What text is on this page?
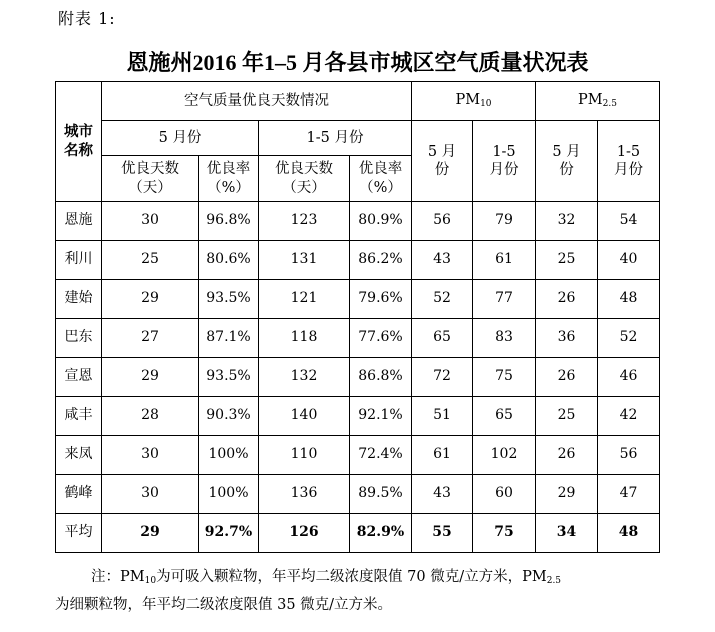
附表 1:
恩施州2016 年1–5 月各县市城区空气质量状况表
城市名称	空气质量优良天数情况				$PM_{10}$		$PM_{2.5}$
	5 月份		1-5 月份		5 月份	1-5 月份	5 月份	1-5 月份
	优良天数（天）	优良率（%）	优良天数（天）	优良率（%）				
恩施	30	96.8%	123	80.9%	56	79	32	54
利川	25	80.6%	131	86.2%	43	61	25	40
建始	29	93.5%	121	79.6%	52	77	26	48
巴东	27	87.1%	118	77.6%	65	83	36	52
宣恩	29	93.5%	132	86.8%	72	75	26	46
咸丰	28	90.3%	140	92.1%	51	65	25	42
来凤	30	100%	110	72.4%	61	102	26	56
鹤峰	30	100%	136	89.5%	43	60	29	47
平均	29	92.7%	126	82.9%	55	75	34	48
注：$PM_{10}$为可吸入颗粒物，年平均二级浓度限值 70 微克/立方米，$PM_{2.5}$
为细颗粒物，年平均二级浓度限值 35 微克/立方米。
